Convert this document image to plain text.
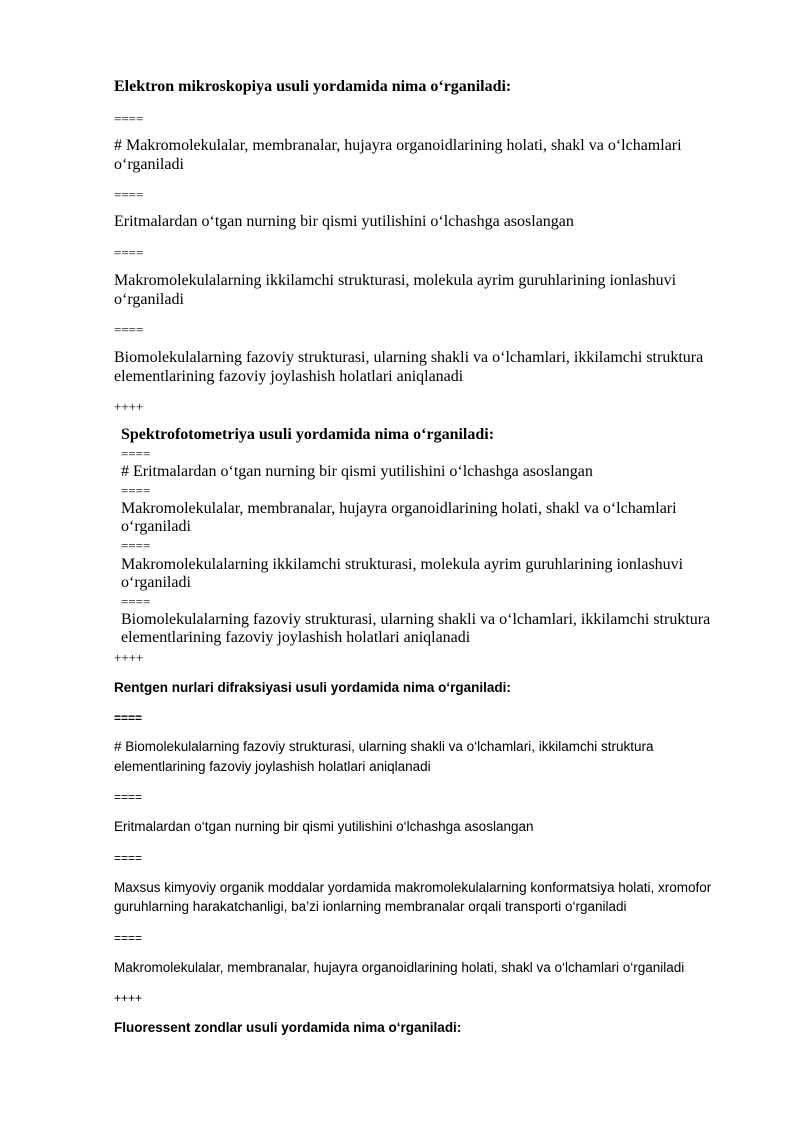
Elektron mikroskopiya usuli yordamida nima o‘rganiladi:

====

# Makromolekulalar, membranalar, hujayra organoidlarining holati, shakl va o‘lchamlari

o‘rganiladi

====

Eritmalardan o‘tgan nurning bir qismi yutilishini o‘lchashga asoslangan

====

Makromolekulalarning ikkilamchi strukturasi, molekula ayrim guruhlarining ionlashuvi

o‘rganiladi

====

Biomolekulalarning fazoviy strukturasi, ularning shakli va o‘lchamlari, ikkilamchi struktura

elementlarining fazoviy joylashish holatlari aniqlanadi

++++

Spektrofotometriya usuli yordamida nima o‘rganiladi:

====

# Eritmalardan o‘tgan nurning bir qismi yutilishini o‘lchashga asoslangan

====

Makromolekulalar, membranalar, hujayra organoidlarining holati, shakl va o‘lchamlari

o‘rganiladi

====

Makromolekulalarning ikkilamchi strukturasi, molekula ayrim guruhlarining ionlashuvi

o‘rganiladi

====

Biomolekulalarning fazoviy strukturasi, ularning shakli va o‘lchamlari, ikkilamchi struktura

elementlarining fazoviy joylashish holatlari aniqlanadi

++++

Rentgen nurlari difraksiyasi usuli yordamida nima o‘rganiladi:

====

# Biomolekulalarning fazoviy strukturasi, ularning shakli va o‘lchamlari, ikkilamchi struktura

elementlarining fazoviy joylashish holatlari aniqlanadi

====

Eritmalardan o‘tgan nurning bir qismi yutilishini o‘lchashga asoslangan

====

Maxsus kimyoviy organik moddalar yordamida makromolekulalarning konformatsiya holati, xromofor

guruhlarning harakatchanligi, ba’zi ionlarning membranalar orqali transporti o‘rganiladi

====

Makromolekulalar, membranalar, hujayra organoidlarining holati, shakl va o‘lchamlari o‘rganiladi

++++

Fluoressent zondlar usuli yordamida nima o‘rganiladi:
